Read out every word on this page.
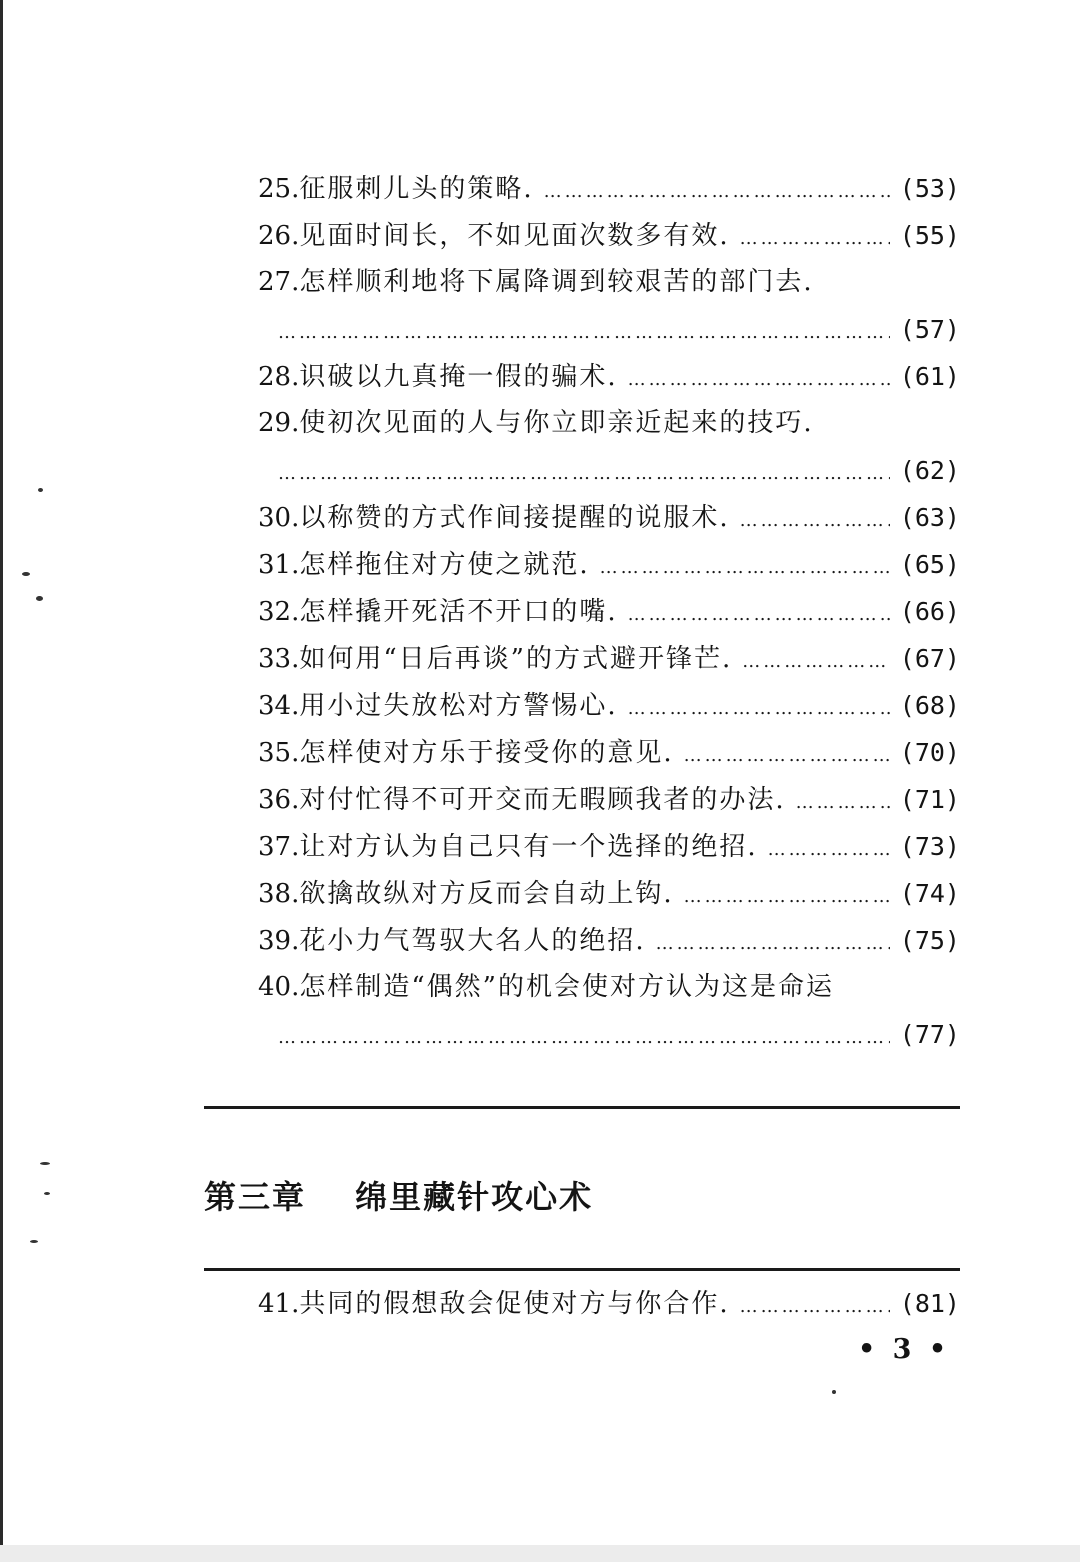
25. 征服刺儿头的策略. ……………………………………………………………………………………………………………………	(53)
26. 见面时间长，不如见面次数多有效. ……………………………………………………………………………………………………………………	(55)
27. 怎样顺利地将下属降调到较艰苦的部门去.
……………………………………………………………………………………………………………………
(57)
28. 识破以九真掩一假的骗术. ……………………………………………………………………………………………………………………	(61)
29. 使初次见面的人与你立即亲近起来的技巧.
……………………………………………………………………………………………………………………
(62)
30. 以称赞的方式作间接提醒的说服术. ……………………………………………………………………………………………………………………	(63)
31. 怎样拖住对方使之就范. ……………………………………………………………………………………………………………………	(65)
32. 怎样撬开死活不开口的嘴. ……………………………………………………………………………………………………………………	(66)
33. 如何用“日后再谈”的方式避开锋芒. ……………………………………………………………………………………………………………………	(67)
34. 用小过失放松对方警惕心. ……………………………………………………………………………………………………………………	(68)
35. 怎样使对方乐于接受你的意见. ……………………………………………………………………………………………………………………	(70)
36. 对付忙得不可开交而无暇顾我者的办法. ……………………………………………………………………………………………………………………	(71)
37. 让对方认为自己只有一个选择的绝招. ……………………………………………………………………………………………………………………	(73)
38. 欲擒故纵对方反而会自动上钩. ……………………………………………………………………………………………………………………	(74)
39. 花小力气驾驭大名人的绝招. ……………………………………………………………………………………………………………………	(75)
40. 怎样制造“偶然”的机会使对方认为这是命运
……………………………………………………………………………………………………………………
(77)
第三章 绵里藏针攻心术
41. 共同的假想敌会促使对方与你合作. ……………………………………………………………………………………………………………………	(81)
• 3 •
